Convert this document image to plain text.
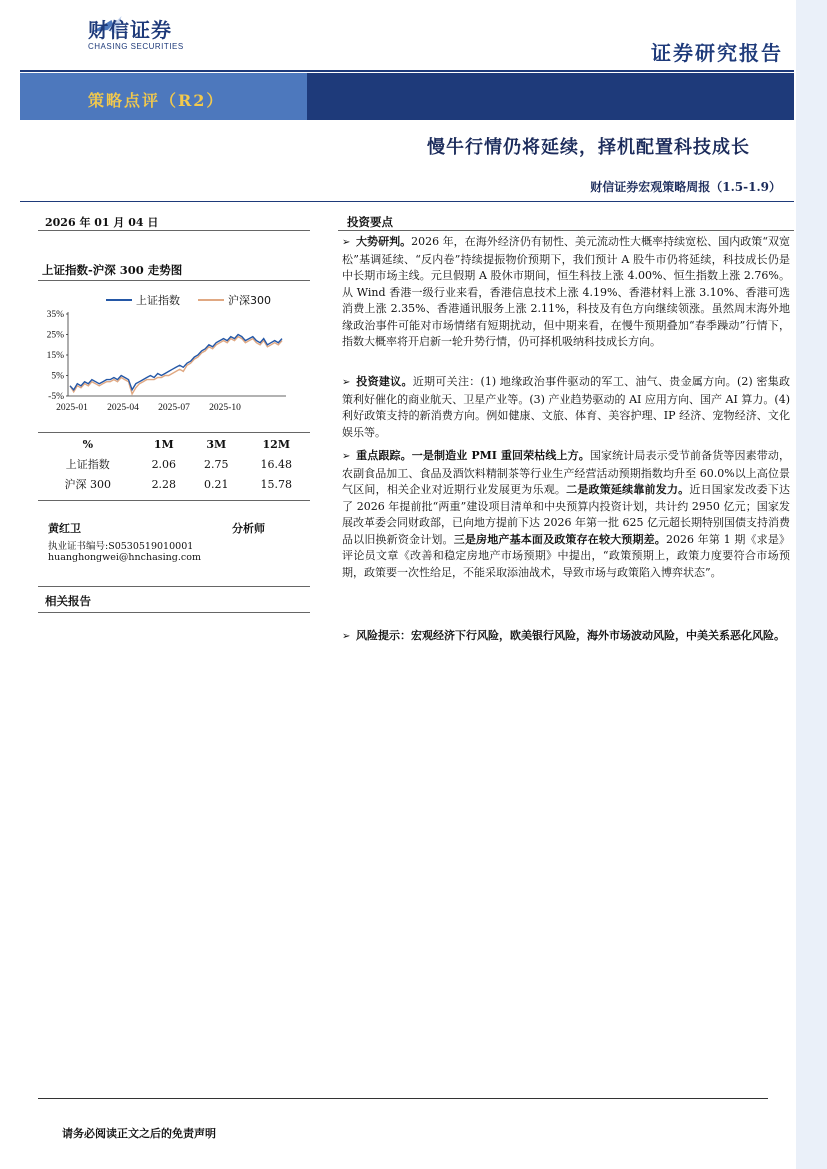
财信证券
CHASING SECURITIES	证券研究报告
策略点评（R2）
慢牛行情仍将延续，择机配置科技成长
财信证券宏观策略周报（1.5-1.9）
2026 年 01 月 04 日
上证指数-沪深 300 走势图
上证指数	沪深300
35%
25%
15%
5%
-5%
2025-01 2025-04 2025-07 2025-10
%	1M	3M	12M
上证指数	2.06	2.75	16.48
沪深 300	2.28	0.21	15.78
黄红卫	分析师
执业证书编号:S0530519010001
huanghongwei@hnchasing.com
相关报告
投资要点
➢ 大势研判。2026 年，在海外经济仍有韧性、美元流动性大概率持续宽松、国内政策“双宽松”基调延续、“反内卷”持续提振物价预期下，我们预计 A 股牛市仍将延续，科技成长仍是中长期市场主线。元旦假期 A 股休市期间，恒生科技上涨 4.00%、恒生指数上涨 2.76%。从 Wind 香港一级行业来看，香港信息技术上涨 4.19%、香港材料上涨 3.10%、香港可选消费上涨 2.35%、香港通讯服务上涨 2.11%，科技及有色方向继续领涨。虽然周末海外地缘政治事件可能对市场情绪有短期扰动，但中期来看，在慢牛预期叠加“春季躁动”行情下，指数大概率将开启新一轮升势行情，仍可择机吸纳科技成长方向。
➢ 投资建议。近期可关注：(1) 地缘政治事件驱动的军工、油气、贵金属方向。(2) 密集政策利好催化的商业航天、卫星产业等。(3) 产业趋势驱动的 AI 应用方向、国产 AI 算力。(4) 利好政策支持的新消费方向。例如健康、文旅、体育、美容护理、IP 经济、宠物经济、文化娱乐等。
➢ 重点跟踪。一是制造业 PMI 重回荣枯线上方。国家统计局表示受节前备货等因素带动，农副食品加工、食品及酒饮料精制茶等行业生产经营活动预期指数均升至 60.0%以上高位景气区间，相关企业对近期行业发展更为乐观。二是政策延续靠前发力。近日国家发改委下达了 2026 年提前批“两重”建设项目清单和中央预算内投资计划，共计约 2950 亿元；国家发展改革委会同财政部，已向地方提前下达 2026 年第一批 625 亿元超长期特别国债支持消费品以旧换新资金计划。三是房地产基本面及政策存在较大预期差。2026 年第 1 期《求是》评论员文章《改善和稳定房地产市场预期》中提出，“政策预期上，政策力度要符合市场预期，政策要一次性给足，不能采取添油战术，导致市场与政策陷入博弈状态”。
➢ 风险提示：宏观经济下行风险，欧美银行风险，海外市场波动风险，中美关系恶化风险。
请务必阅读正文之后的免责声明
